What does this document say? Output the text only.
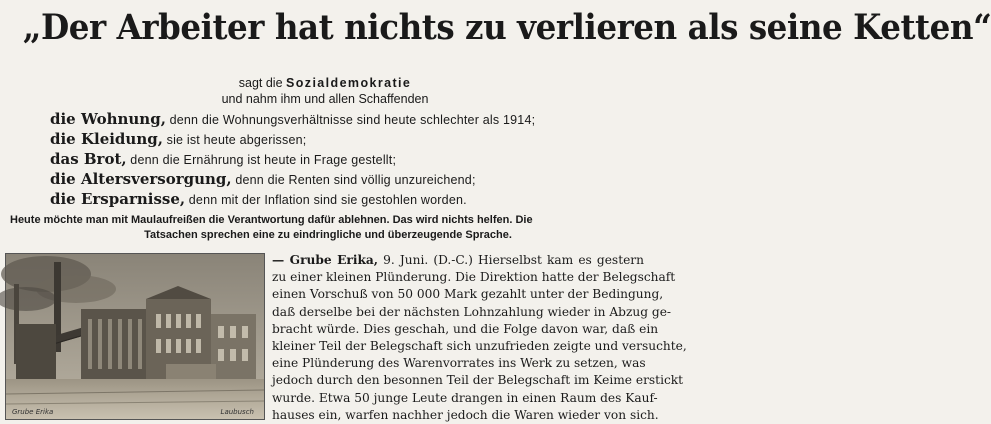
„Der Arbeiter hat nichts zu verlieren als seine Ketten“
sagt die Sozialdemokratie
und nahm ihm und allen Schaffenden
die Wohnung, denn die Wohnungsverhältnisse sind heute schlechter als 1914;
die Kleidung, sie ist heute abgerissen;
das Brot, denn die Ernährung ist heute in Frage gestellt;
die Altersversorgung, denn die Renten sind völlig unzureichend;
die Ersparnisse, denn mit der Inflation sind sie gestohlen worden.
Heute möchte man mit Maulaufreißen die Verantwortung dafür ablehnen. Das wird nichts helfen. Die
Tatsachen sprechen eine zu eindringliche und überzeugende Sprache.
Grube Erika	Laubusch
— Grube Erika, 9. Juni. (D.-C.) Hierselbst kam es gestern
zu einer kleinen Plünderung. Die Direktion hatte der Belegschaft
einen Vorschuß von 50 000 Mark gezahlt unter der Bedingung,
daß derselbe bei der nächsten Lohnzahlung wieder in Abzug ge-
bracht würde. Dies geschah, und die Folge davon war, daß ein
kleiner Teil der Belegschaft sich unzufrieden zeigte und versuchte,
eine Plünderung des Warenvorrates ins Werk zu setzen, was
jedoch durch den besonnen Teil der Belegschaft im Keime erstickt
wurde. Etwa 50 junge Leute drangen in einen Raum des Kauf-
hauses ein, warfen nachher jedoch die Waren wieder von sich.
